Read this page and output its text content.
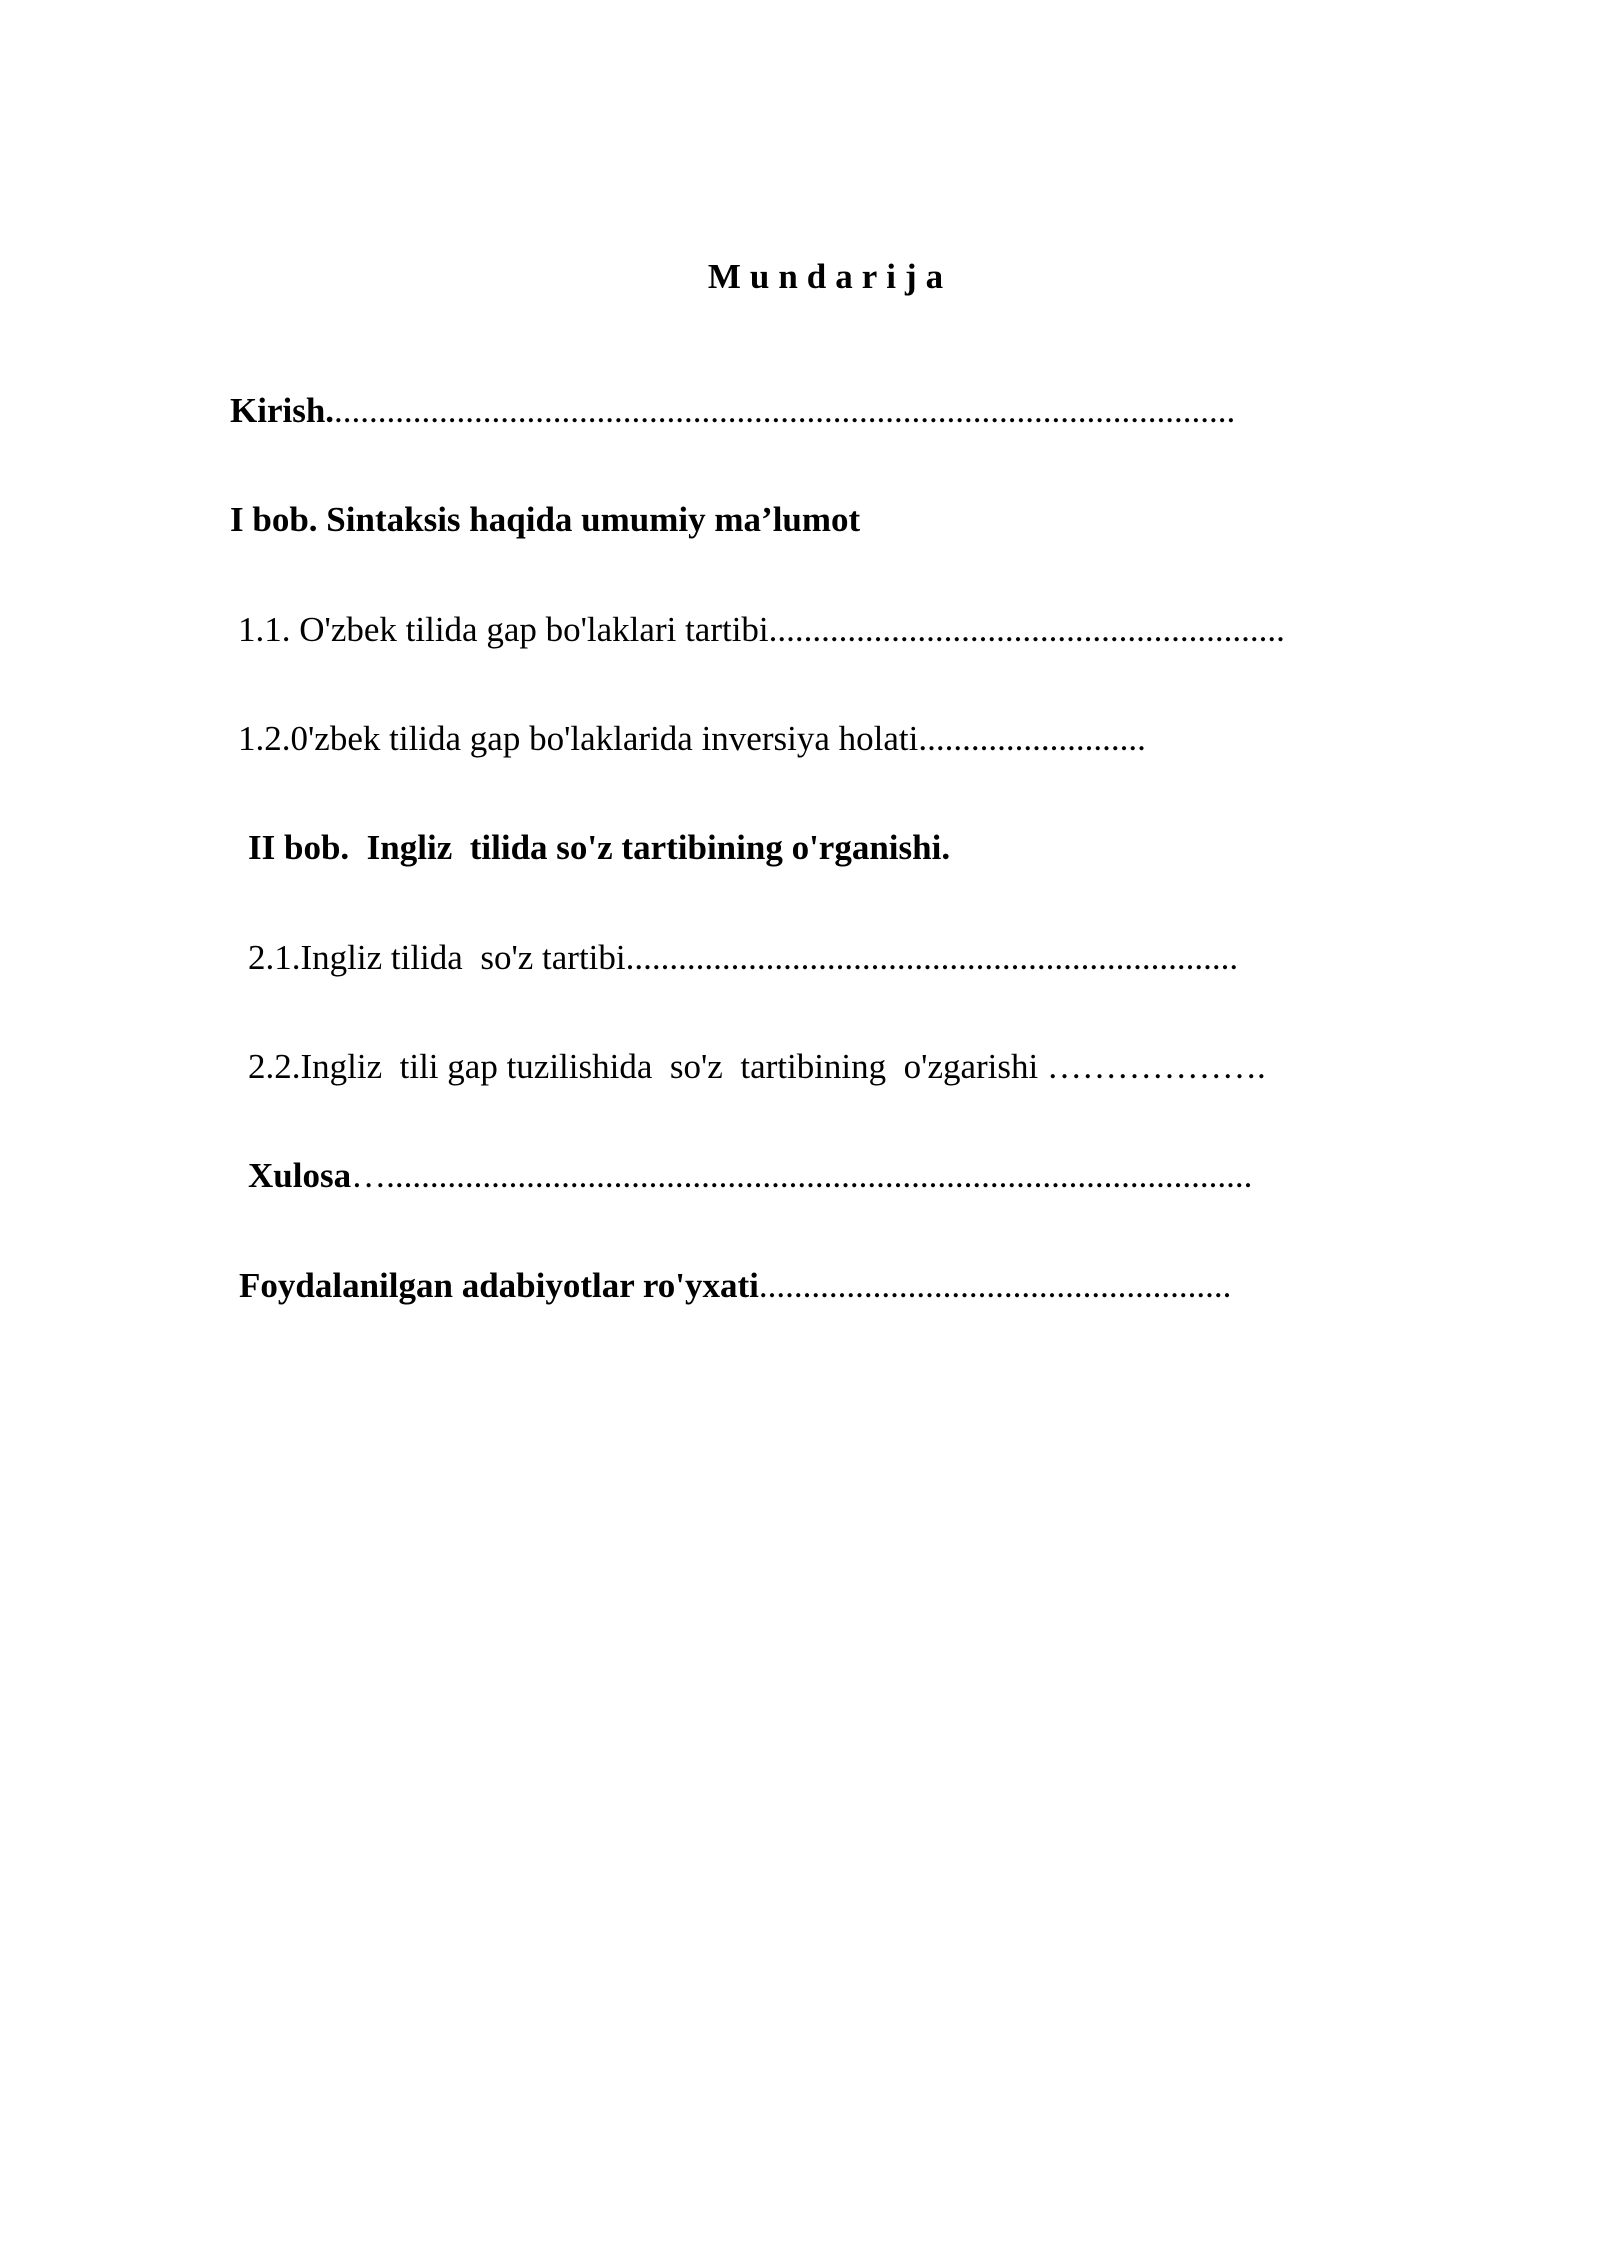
Mundarija
Kirish........................................................................................................
I bob. Sintaksis haqida umumiy ma’lumot
1.1. O'zbek tilida gap bo'laklari tartibi...........................................................
1.2.0'zbek tilida gap bo'laklarida inversiya holati..........................
II bob.  Ingliz  tilida so'z tartibining o'rganishi.
2.1.Ingliz tilida  so'z tartibi......................................................................
2.2.Ingliz  tili gap tuzilishida  so'z  tartibining  o'zgarishi ……………….
Xulosa…...................................................................................................
Foydalanilgan adabiyotlar ro'yxati......................................................
